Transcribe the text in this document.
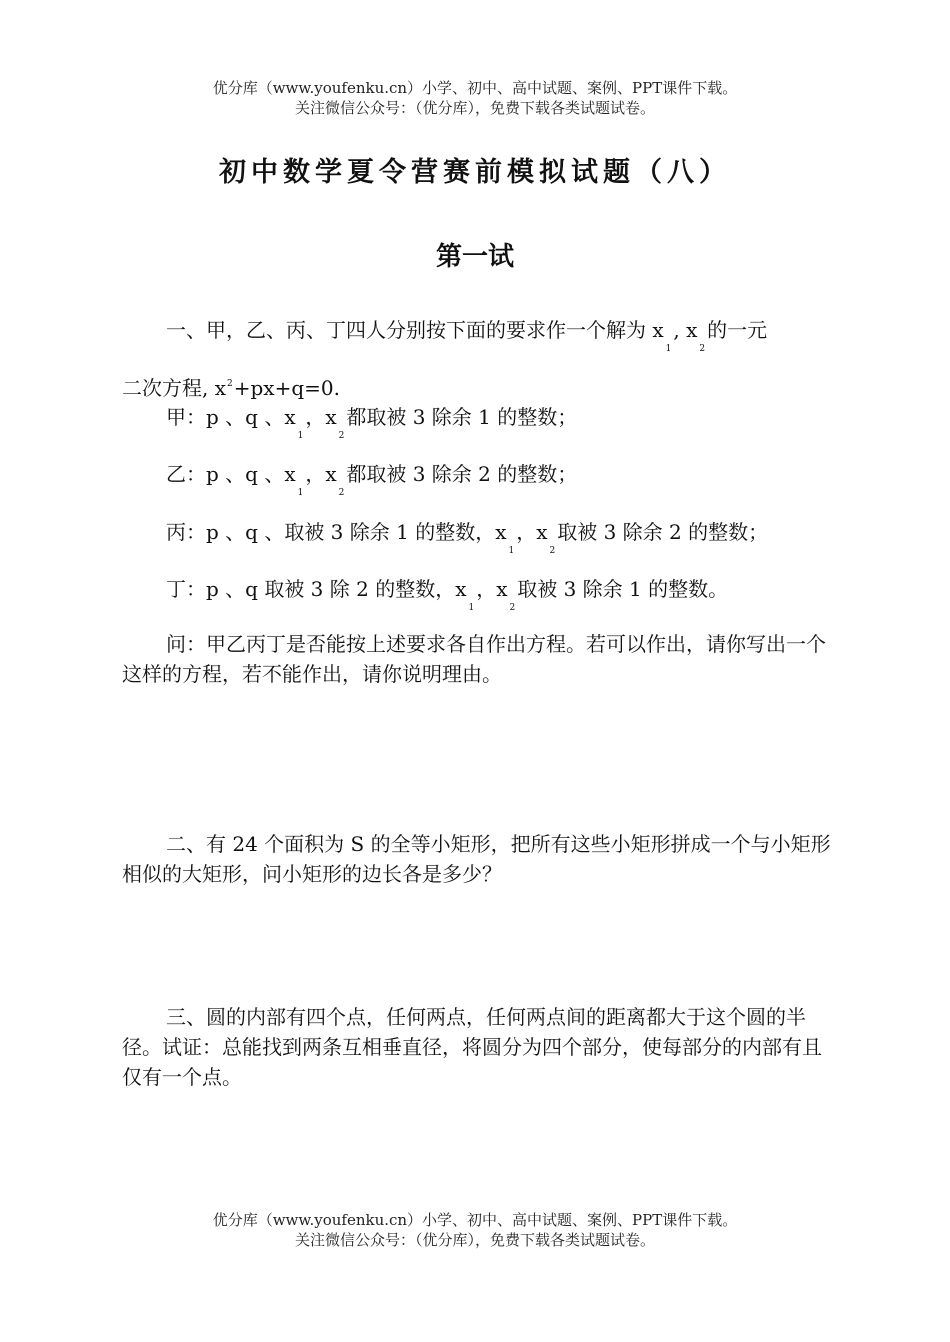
优分库（www.youfenku.cn）小学、初中、高中试题、案例、PPT课件下载。
关注微信公众号：（优分库），免费下载各类试题试卷。
初中数学夏令营赛前模拟试题（八）
第一试
一、甲，乙、丙、丁四人分别按下面的要求作一个解为 $x_1$, $x_2$的一元
二次方程, $x^2+px+q=0$.
甲：p 、q 、$x_1$，$x_2$都取被 3 除余 1 的整数；
乙：p 、q 、$x_1$，$x_2$都取被 3 除余 2 的整数；
丙：p 、q 、取被 3 除余 1 的整数，$x_1$，$x_2$取被 3 除余 2 的整数；
丁：p 、q 取被 3 除 2 的整数，$x_1$，$x_2$取被 3 除余 1 的整数。
问：甲乙丙丁是否能按上述要求各自作出方程。若可以作出，请你写出一个这样的方程，若不能作出，请你说明理由。
二、有 24 个面积为 S 的全等小矩形，把所有这些小矩形拼成一个与小矩形相似的大矩形，问小矩形的边长各是多少？
三、圆的内部有四个点，任何两点，任何两点间的距离都大于这个圆的半径。试证：总能找到两条互相垂直径，将圆分为四个部分，使每部分的内部有且仅有一个点。
优分库（www.youfenku.cn）小学、初中、高中试题、案例、PPT课件下载。
关注微信公众号：（优分库），免费下载各类试题试卷。
